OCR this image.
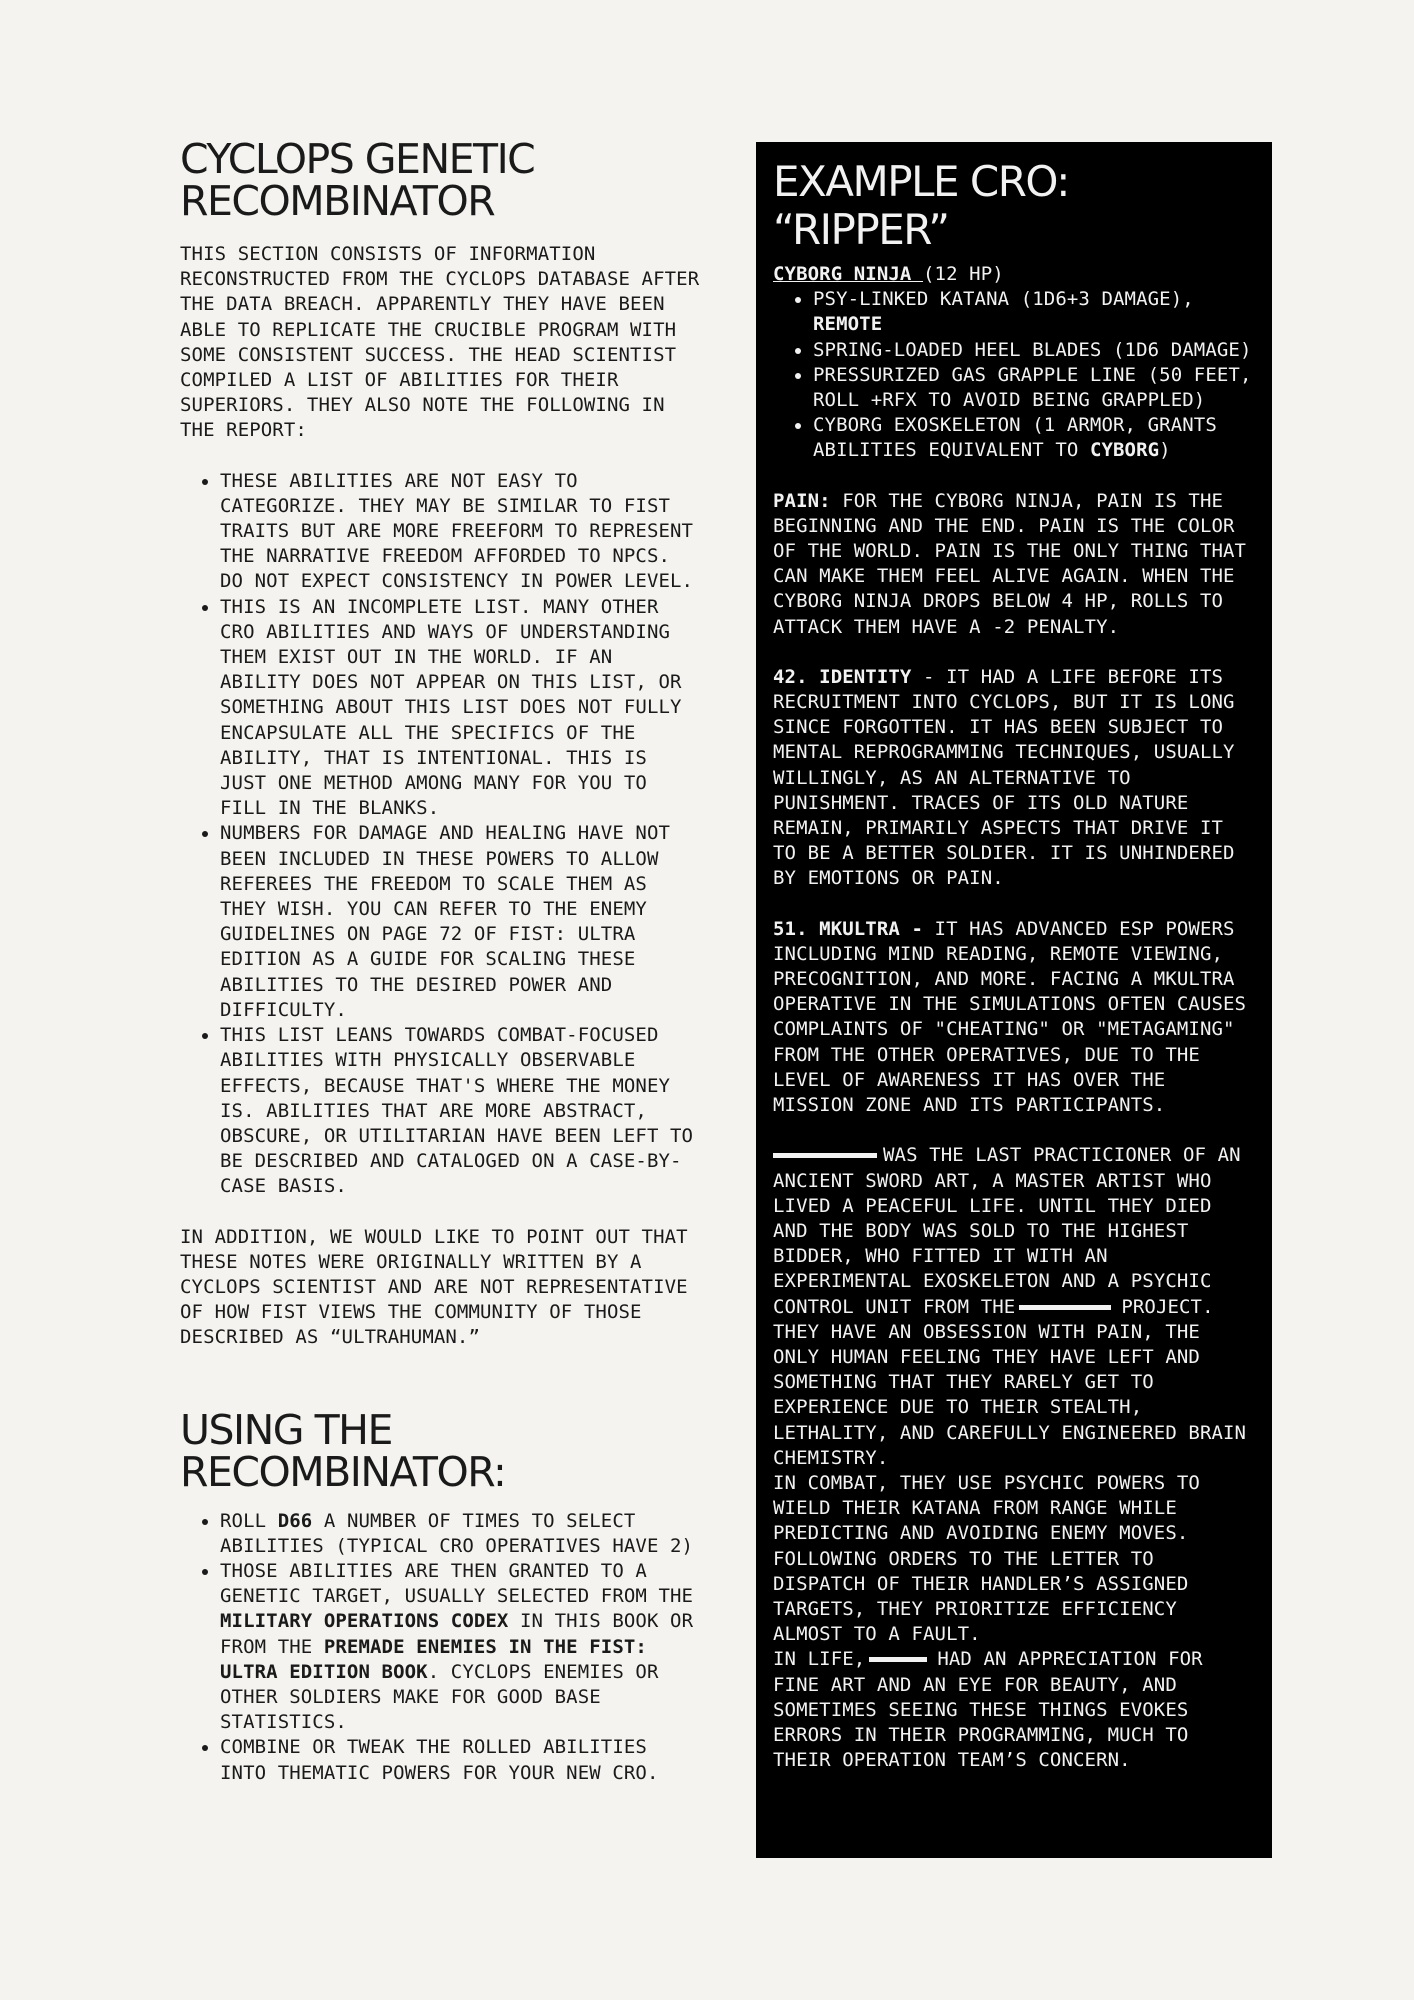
CYCLOPS GENETIC RECOMBINATOR

THIS SECTION CONSISTS OF INFORMATION RECONSTRUCTED FROM THE CYCLOPS DATABASE AFTER THE DATA BREACH. APPARENTLY THEY HAVE BEEN ABLE TO REPLICATE THE CRUCIBLE PROGRAM WITH SOME CONSISTENT SUCCESS. THE HEAD SCIENTIST COMPILED A LIST OF ABILITIES FOR THEIR SUPERIORS. THEY ALSO NOTE THE FOLLOWING IN THE REPORT:

• THESE ABILITIES ARE NOT EASY TO CATEGORIZE. THEY MAY BE SIMILAR TO FIST TRAITS BUT ARE MORE FREEFORM TO REPRESENT THE NARRATIVE FREEDOM AFFORDED TO NPCS. DO NOT EXPECT CONSISTENCY IN POWER LEVEL.
• THIS IS AN INCOMPLETE LIST. MANY OTHER CRO ABILITIES AND WAYS OF UNDERSTANDING THEM EXIST OUT IN THE WORLD. IF AN ABILITY DOES NOT APPEAR ON THIS LIST, OR SOMETHING ABOUT THIS LIST DOES NOT FULLY ENCAPSULATE ALL THE SPECIFICS OF THE ABILITY, THAT IS INTENTIONAL. THIS IS JUST ONE METHOD AMONG MANY FOR YOU TO FILL IN THE BLANKS.
• NUMBERS FOR DAMAGE AND HEALING HAVE NOT BEEN INCLUDED IN THESE POWERS TO ALLOW REFEREES THE FREEDOM TO SCALE THEM AS THEY WISH. YOU CAN REFER TO THE ENEMY GUIDELINES ON PAGE 72 OF FIST: ULTRA EDITION AS A GUIDE FOR SCALING THESE ABILITIES TO THE DESIRED POWER AND DIFFICULTY.
• THIS LIST LEANS TOWARDS COMBAT-FOCUSED ABILITIES WITH PHYSICALLY OBSERVABLE EFFECTS, BECAUSE THAT'S WHERE THE MONEY IS. ABILITIES THAT ARE MORE ABSTRACT, OBSCURE, OR UTILITARIAN HAVE BEEN LEFT TO BE DESCRIBED AND CATALOGED ON A CASE-BY-CASE BASIS.

IN ADDITION, WE WOULD LIKE TO POINT OUT THAT THESE NOTES WERE ORIGINALLY WRITTEN BY A CYCLOPS SCIENTIST AND ARE NOT REPRESENTATIVE OF HOW FIST VIEWS THE COMMUNITY OF THOSE DESCRIBED AS “ULTRAHUMAN.”

USING THE RECOMBINATOR:
• ROLL D66 A NUMBER OF TIMES TO SELECT ABILITIES (TYPICAL CRO OPERATIVES HAVE 2)
• THOSE ABILITIES ARE THEN GRANTED TO A GENETIC TARGET, USUALLY SELECTED FROM THE MILITARY OPERATIONS CODEX IN THIS BOOK OR FROM THE PREMADE ENEMIES IN THE FIST: ULTRA EDITION BOOK. CYCLOPS ENEMIES OR OTHER SOLDIERS MAKE FOR GOOD BASE STATISTICS.
• COMBINE OR TWEAK THE ROLLED ABILITIES INTO THEMATIC POWERS FOR YOUR NEW CRO.
EXAMPLE CRO: “RIPPER”

CYBORG NINJA (12 HP)

• PSY-LINKED KATANA (1D6+3 DAMAGE), REMOTE
• SPRING-LOADED HEEL BLADES (1D6 DAMAGE)
• PRESSURIZED GAS GRAPPLE LINE (50 FEET, ROLL +RFX TO AVOID BEING GRAPPLED)
• CYBORG EXOSKELETON (1 ARMOR, GRANTS ABILITIES EQUIVALENT TO CYBORG)

PAIN: FOR THE CYBORG NINJA, PAIN IS THE BEGINNING AND THE END. PAIN IS THE COLOR OF THE WORLD. PAIN IS THE ONLY THING THAT CAN MAKE THEM FEEL ALIVE AGAIN. WHEN THE CYBORG NINJA DROPS BELOW 4 HP, ROLLS TO ATTACK THEM HAVE A -2 PENALTY.

42. IDENTITY - IT HAD A LIFE BEFORE ITS RECRUITMENT INTO CYCLOPS, BUT IT IS LONG SINCE FORGOTTEN. IT HAS BEEN SUBJECT TO MENTAL REPROGRAMMING TECHNIQUES, USUALLY WILLINGLY, AS AN ALTERNATIVE TO PUNISHMENT. TRACES OF ITS OLD NATURE REMAIN, PRIMARILY ASPECTS THAT DRIVE IT TO BE A BETTER SOLDIER. IT IS UNHINDERED BY EMOTIONS OR PAIN.

51. MKULTRA - IT HAS ADVANCED ESP POWERS INCLUDING MIND READING, REMOTE VIEWING, PRECOGNITION, AND MORE. FACING A MKULTRA OPERATIVE IN THE SIMULATIONS OFTEN CAUSES COMPLAINTS OF "CHEATING" OR "METAGAMING" FROM THE OTHER OPERATIVES, DUE TO THE LEVEL OF AWARENESS IT HAS OVER THE MISSION ZONE AND ITS PARTICIPANTS.

WAS THE LAST PRACTICIONER OF AN ANCIENT SWORD ART, A MASTER ARTIST WHO LIVED A PEACEFUL LIFE. UNTIL THEY DIED AND THE BODY WAS SOLD TO THE HIGHEST BIDDER, WHO FITTED IT WITH AN EXPERIMENTAL EXOSKELETON AND A PSYCHIC CONTROL UNIT FROM THE	PROJECT. THEY HAVE AN OBSESSION WITH PAIN, THE ONLY HUMAN FEELING THEY HAVE LEFT AND SOMETHING THAT THEY RARELY GET TO EXPERIENCE DUE TO THEIR STEALTH, LETHALITY, AND CAREFULLY ENGINEERED BRAIN CHEMISTRY.

IN COMBAT, THEY USE PSYCHIC POWERS TO WIELD THEIR KATANA FROM RANGE WHILE PREDICTING AND AVOIDING ENEMY MOVES. FOLLOWING ORDERS TO THE LETTER TO DISPATCH OF THEIR HANDLER’S ASSIGNED TARGETS, THEY PRIORITIZE EFFICIENCY ALMOST TO A FAULT.

IN LIFE,	HAD AN APPRECIATION FOR FINE ART AND AN EYE FOR BEAUTY, AND SOMETIMES SEEING THESE THINGS EVOKES ERRORS IN THEIR PROGRAMMING, MUCH TO THEIR OPERATION TEAM’S CONCERN.
